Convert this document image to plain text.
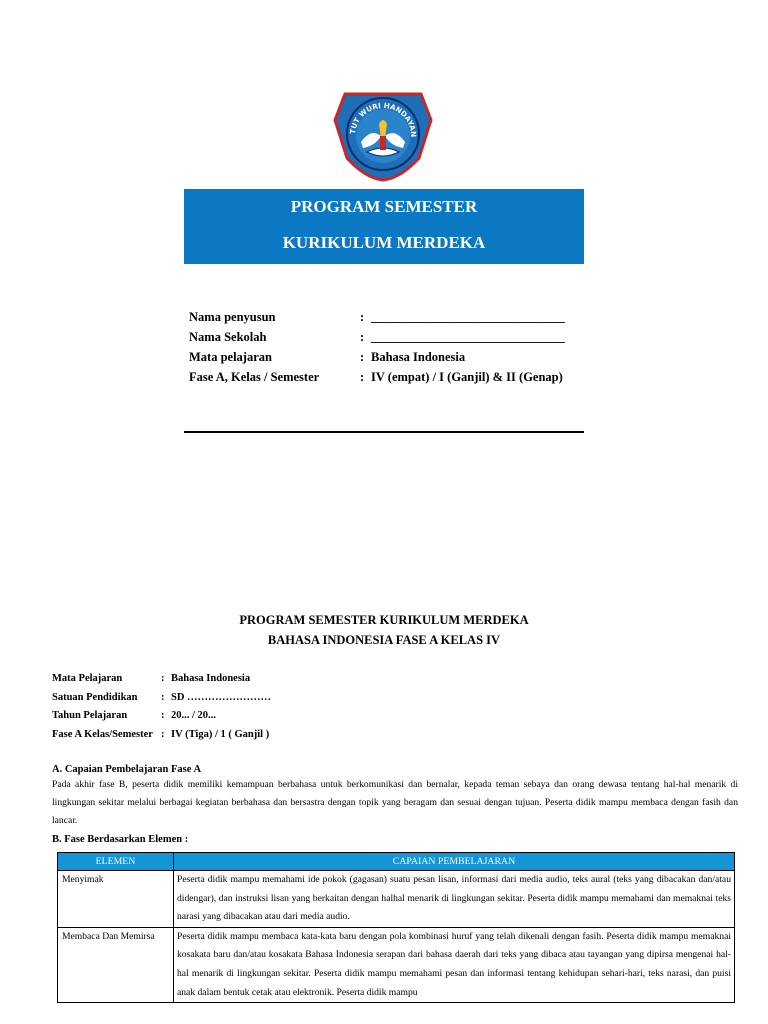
TUT WURI HANDAYAN
PROGRAM SEMESTER
KURIKULUM MERDEKA
Nama penyusun	: _______________________________
Nama Sekolah	: _______________________________
Mata pelajaran	: Bahasa Indonesia
Fase A, Kelas / Semester	: IV (empat) / I (Ganjil) & II (Genap)
PROGRAM SEMESTER KURIKULUM MERDEKA
BAHASA INDONESIA FASE A KELAS IV
Mata Pelajaran	: Bahasa Indonesia
Satuan Pendidikan : SD ……………………
Tahun Pelajaran	: 20... / 20...
Fase A Kelas/Semester : IV (Tiga) / 1 ( Ganjil )
A. Capaian Pembelajaran Fase A
Pada akhir fase B, peserta didik memiliki kemampuan berbahasa untuk berkomunikasi dan bernalar, kepada teman sebaya dan orang dewasa tentang hal-hal menarik di lingkungan sekitar melalui berbagai kegiatan berbahasa dan bersastra dengan topik yang beragam dan sesuai dengan tujuan. Peserta didik mampu membaca dengan fasih dan lancar.
B. Fase Berdasarkan Elemen :
ELEMEN	CAPAIAN PEMBELAJARAN
Menyimak	Peserta didik mampu memahami ide pokok (gagasan) suatu pesan lisan, informasi dari media audio, teks aural (teks yang dibacakan dan/atau didengar), dan instruksi lisan yang berkaitan dengan halhal menarik di lingkungan sekitar. Peserta didik mampu memahami dan memaknai teks narasi yang dibacakan atau dari media audio.
Membaca Dan Memirsa	Peserta didik mampu membaca kata-kata baru dengan pola kombinasi huruf yang telah dikenali dengan fasih. Peserta didik mampu memaknai kosakata baru dan/atau kosakata Bahasa Indonesia serapan dari bahasa daerah dari teks yang dibaca atau tayangan yang dipirsa mengenai hal-hal menarik di lingkungan sekitar. Peserta didik mampu memahami pesan dan informasi tentang kehidupan sehari-hari, teks narasi, dan puisi anak dalam bentuk cetak atau elektronik. Peserta didik mampu
